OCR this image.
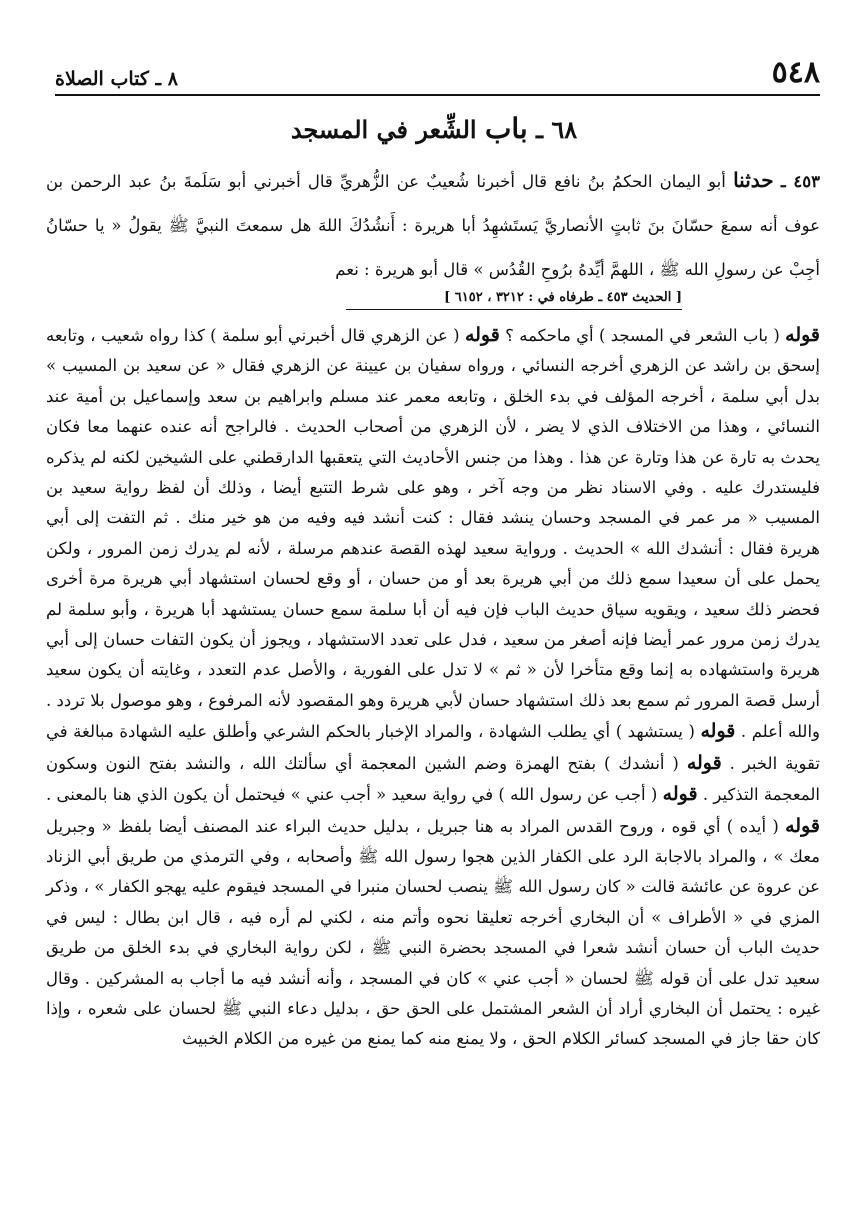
٥٤٨
٨ ـ كتاب الصلاة
٦٨ ـ باب الشِّعر في المسجد
٤٥٣ ـ حدثنا أبو اليمان الحكمُ بنُ نافع قال أخبرنا شُعيبٌ عن الزُّهريِّ قال أخبرني أبو سَلَمةَ بنُ عبد الرحمن بن عوف أنه سمعَ حسّانَ بنَ ثابتٍ الأنصاريَّ يَستَشهِدُ أبا هريرة : أَنشُدُكَ اللهَ هل سمعتَ النبيَّ ﷺ يقولُ « يا حسّانُ أجِبْ عن رسولِ الله ﷺ ، اللهمَّ أيِّدهُ برُوحِ القُدُس » قال أبو هريرة : نعم
[ الحديث ٤٥٣ ـ طرفاه في : ٣٢١٢ ، ٦١٥٢ ]

قوله ( باب الشعر في المسجد ) أي ماحكمه ؟ قوله ( عن الزهري قال أخبرني أبو سلمة ) كذا رواه شعيب ، وتابعه إسحق بن راشد عن الزهري أخرجه النسائي ، ورواه سفيان بن عيينة عن الزهري فقال « عن سعيد بن المسيب » بدل أبي سلمة ، أخرجه المؤلف في بدء الخلق ، وتابعه معمر عند مسلم وابراهيم بن سعد وإسماعيل بن أمية عند النسائي ، وهذا من الاختلاف الذي لا يضر ، لأن الزهري من أصحاب الحديث . فالراجح أنه عنده عنهما معا فكان يحدث به تارة عن هذا وتارة عن هذا . وهذا من جنس الأحاديث التي يتعقبها الدارقطني على الشيخين لكنه لم يذكره فليستدرك عليه . وفي الاسناد نظر من وجه آخر ، وهو على شرط التتبع أيضا ، وذلك أن لفظ رواية سعيد بن المسيب « مر عمر في المسجد وحسان ينشد فقال : كنت أنشد فيه وفيه من هو خير منك . ثم التفت إلى أبي هريرة فقال : أنشدك الله » الحديث . ورواية سعيد لهذه القصة عندهم مرسلة ، لأنه لم يدرك زمن المرور ، ولكن يحمل على أن سعيدا سمع ذلك من أبي هريرة بعد أو من حسان ، أو وقع لحسان استشهاد أبي هريرة مرة أخرى فحضر ذلك سعيد ، ويقويه سياق حديث الباب فإن فيه أن أبا سلمة سمع حسان يستشهد أبا هريرة ، وأبو سلمة لم يدرك زمن مرور عمر أيضا فإنه أصغر من سعيد ، فدل على تعدد الاستشهاد ، ويجوز أن يكون التفات حسان إلى أبي هريرة واستشهاده به إنما وقع متأخرا لأن « ثم » لا تدل على الفورية ، والأصل عدم التعدد ، وغايته أن يكون سعيد أرسل قصة المرور ثم سمع بعد ذلك استشهاد حسان لأبي هريرة وهو المقصود لأنه المرفوع ، وهو موصول بلا تردد . والله أعلم . قوله ( يستشهد ) أي يطلب الشهادة ، والمراد الإخبار بالحكم الشرعي وأطلق عليه الشهادة مبالغة في تقوية الخبر . قوله ( أنشدك ) بفتح الهمزة وضم الشين المعجمة أي سألتك الله ، والنشد بفتح النون وسكون المعجمة التذكير . قوله ( أجب عن رسول الله ) في رواية سعيد « أجب عني » فيحتمل أن يكون الذي هنا بالمعنى . قوله ( أيده ) أي قوه ، وروح القدس المراد به هنا جبريل ، بدليل حديث البراء عند المصنف أيضا بلفظ « وجبريل معك » ، والمراد بالاجابة الرد على الكفار الذين هجوا رسول الله ﷺ وأصحابه ، وفي الترمذي من طريق أبي الزناد عن عروة عن عائشة قالت « كان رسول الله ﷺ ينصب لحسان منبرا في المسجد فيقوم عليه يهجو الكفار » ، وذكر المزي في « الأطراف » أن البخاري أخرجه تعليقا نحوه وأتم منه ، لكني لم أره فيه ، قال ابن بطال : ليس في حديث الباب أن حسان أنشد شعرا في المسجد بحضرة النبي ﷺ ، لكن رواية البخاري في بدء الخلق من طريق سعيد تدل على أن قوله ﷺ لحسان « أجب عني » كان في المسجد ، وأنه أنشد فيه ما أجاب به المشركين . وقال غيره : يحتمل أن البخاري أراد أن الشعر المشتمل على الحق حق ، بدليل دعاء النبي ﷺ لحسان على شعره ، وإذا كان حقا جاز في المسجد كسائر الكلام الحق ، ولا يمنع منه كما يمنع من غيره من الكلام الخبيث
